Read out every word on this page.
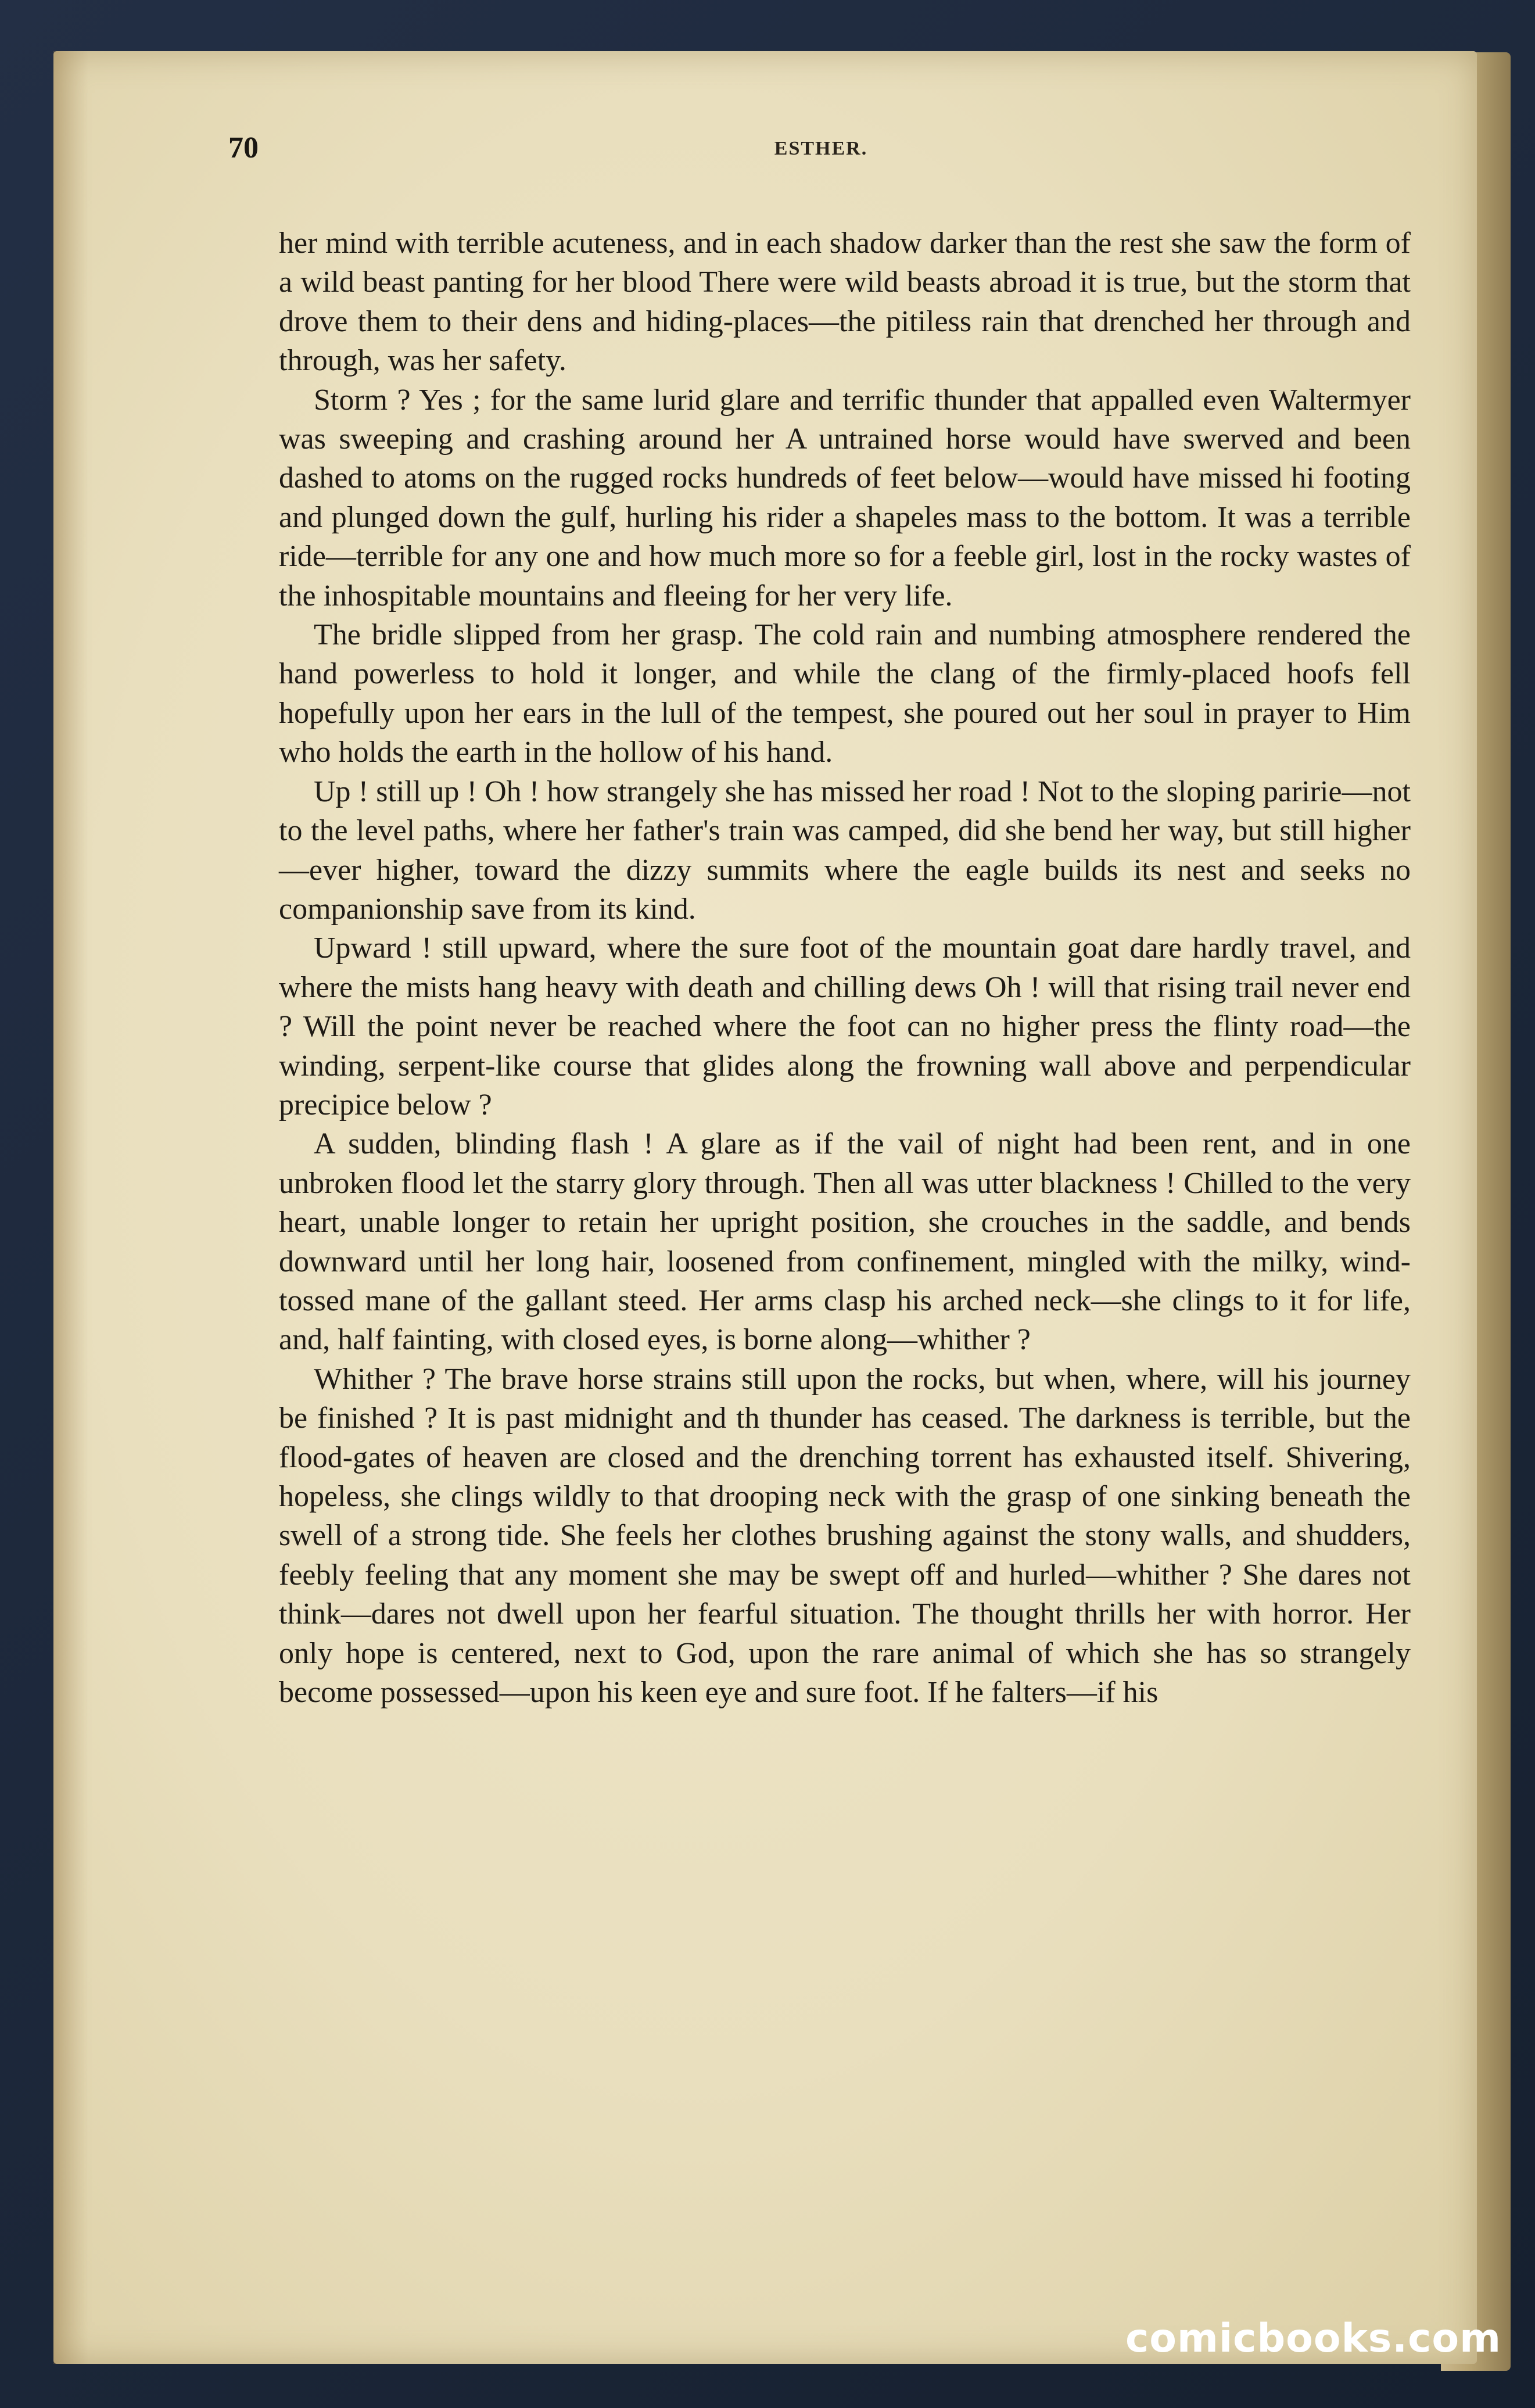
70	ESTHER.

her mind with terrible acuteness, and in each shadow darker than the rest she saw the form of a wild beast panting for her blood There were wild beasts abroad it is true, but the storm that drove them to their dens and hiding-places—the pitiless rain that drenched her through and through, was her safety.

Storm ? Yes ; for the same lurid glare and terrific thunder that appalled even Waltermyer was sweeping and crashing around her A untrained horse would have swerved and been dashed to atoms on the rugged rocks hundreds of feet below—would have missed hi footing and plunged down the gulf, hurling his rider a shapeles mass to the bottom. It was a terrible ride—terrible for any one and how much more so for a feeble girl, lost in the rocky wastes of the inhospitable mountains and fleeing for her very life.

The bridle slipped from her grasp. The cold rain and numbing atmosphere rendered the hand powerless to hold it longer, and while the clang of the firmly-placed hoofs fell hopefully upon her ears in the lull of the tempest, she poured out her soul in prayer to Him who holds the earth in the hollow of his hand.

Up ! still up ! Oh ! how strangely she has missed her road ! Not to the sloping paririe—not to the level paths, where her father's train was camped, did she bend her way, but still higher—ever higher, toward the dizzy summits where the eagle builds its nest and seeks no companionship save from its kind.

Upward ! still upward, where the sure foot of the mountain goat dare hardly travel, and where the mists hang heavy with death and chilling dews Oh ! will that rising trail never end ? Will the point never be reached where the foot can no higher press the flinty road—the winding, serpent-like course that glides along the frowning wall above and perpendicular precipice below ?

A sudden, blinding flash ! A glare as if the vail of night had been rent, and in one unbroken flood let the starry glory through. Then all was utter blackness ! Chilled to the very heart, unable longer to retain her upright position, she crouches in the saddle, and bends downward until her long hair, loosened from confinement, mingled with the milky, wind-tossed mane of the gallant steed. Her arms clasp his arched neck—she clings to it for life, and, half fainting, with closed eyes, is borne along—whither ?

Whither ? The brave horse strains still upon the rocks, but when, where, will his journey be finished ? It is past midnight and th thunder has ceased. The darkness is terrible, but the flood-gates of heaven are closed and the drenching torrent has exhausted itself. Shivering, hopeless, she clings wildly to that drooping neck with the grasp of one sinking beneath the swell of a strong tide. She feels her clothes brushing against the stony walls, and shudders, feebly feeling that any moment she may be swept off and hurled—whither ? She dares not think—dares not dwell upon her fearful situation. The thought thrills her with horror. Her only hope is centered, next to God, upon the rare animal of which she has so strangely become possessed—upon his keen eye and sure foot. If he falters—if his

comicbooks.com
